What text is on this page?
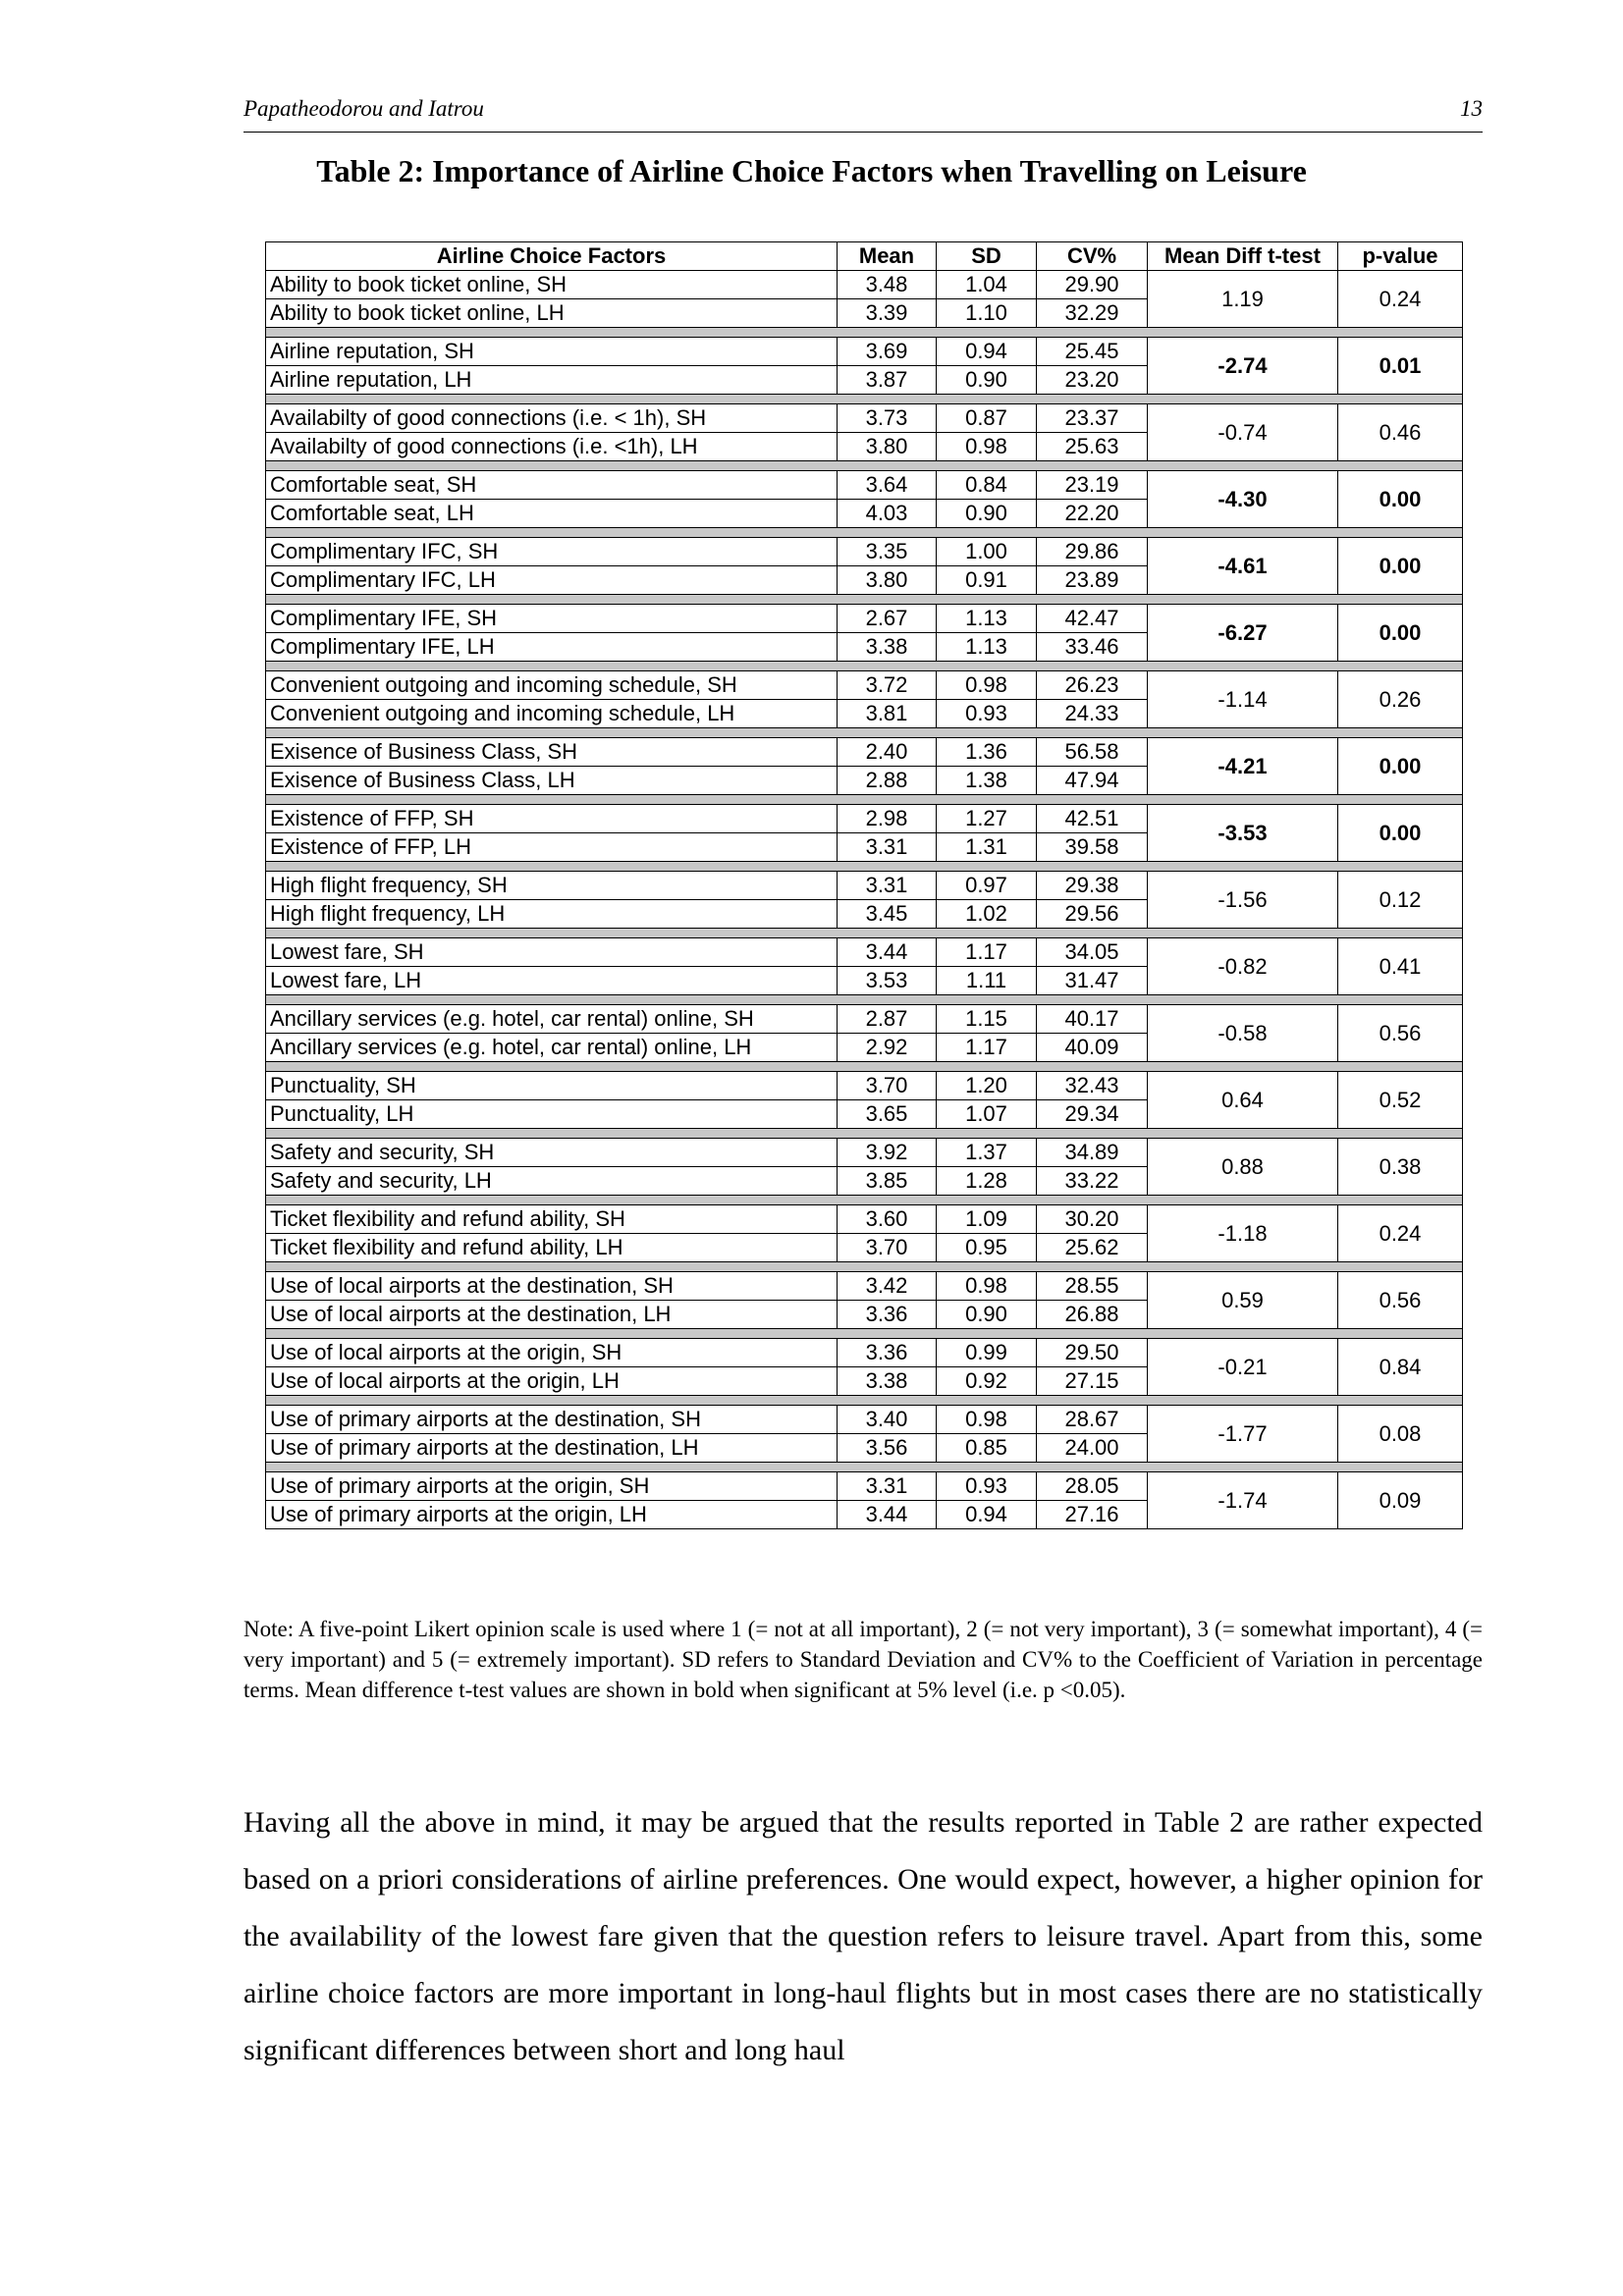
Papatheodorou and Iatrou	13
Table 2: Importance of Airline Choice Factors when Travelling on Leisure
Airline Choice Factors	Mean	SD	CV%	Mean Diff t-test	p-value
Ability to book ticket online, SH	3.48	1.04	29.90	1.19	0.24
Ability to book ticket online, LH	3.39	1.10	32.29		

Airline reputation, SH	3.69	0.94	25.45	-2.74	0.01
Airline reputation, LH	3.87	0.90	23.20		

Availabilty of good connections (i.e. < 1h), SH	3.73	0.87	23.37	-0.74	0.46
Availabilty of good connections (i.e. <1h), LH	3.80	0.98	25.63		

Comfortable seat, SH	3.64	0.84	23.19	-4.30	0.00
Comfortable seat, LH	4.03	0.90	22.20		

Complimentary IFC, SH	3.35	1.00	29.86	-4.61	0.00
Complimentary IFC, LH	3.80	0.91	23.89		

Complimentary IFE, SH	2.67	1.13	42.47	-6.27	0.00
Complimentary IFE, LH	3.38	1.13	33.46		

Convenient outgoing and incoming schedule, SH	3.72	0.98	26.23	-1.14	0.26
Convenient outgoing and incoming schedule, LH	3.81	0.93	24.33		

Exisence of Business Class, SH	2.40	1.36	56.58	-4.21	0.00
Exisence of Business Class, LH	2.88	1.38	47.94		

Existence of FFP, SH	2.98	1.27	42.51	-3.53	0.00
Existence of FFP, LH	3.31	1.31	39.58		

High flight frequency, SH	3.31	0.97	29.38	-1.56	0.12
High flight frequency, LH	3.45	1.02	29.56		

Lowest fare, SH	3.44	1.17	34.05	-0.82	0.41
Lowest fare, LH	3.53	1.11	31.47		

Ancillary services (e.g. hotel, car rental) online, SH	2.87	1.15	40.17	-0.58	0.56
Ancillary services (e.g. hotel, car rental) online, LH	2.92	1.17	40.09		

Punctuality, SH	3.70	1.20	32.43	0.64	0.52
Punctuality, LH	3.65	1.07	29.34		

Safety and security, SH	3.92	1.37	34.89	0.88	0.38
Safety and security, LH	3.85	1.28	33.22		

Ticket flexibility and refund ability, SH	3.60	1.09	30.20	-1.18	0.24
Ticket flexibility and refund ability, LH	3.70	0.95	25.62		

Use of local airports at the destination, SH	3.42	0.98	28.55	0.59	0.56
Use of local airports at the destination, LH	3.36	0.90	26.88		

Use of local airports at the origin, SH	3.36	0.99	29.50	-0.21	0.84
Use of local airports at the origin, LH	3.38	0.92	27.15		

Use of primary airports at the destination, SH	3.40	0.98	28.67	-1.77	0.08
Use of primary airports at the destination, LH	3.56	0.85	24.00		

Use of primary airports at the origin, SH	3.31	0.93	28.05	-1.74	0.09
Use of primary airports at the origin, LH	3.44	0.94	27.16		
Note: A five-point Likert opinion scale is used where 1 (= not at all important), 2 (= not very important), 3 (= somewhat important), 4 (= very important) and 5 (= extremely important). SD refers to Standard Deviation and CV% to the Coefficient of Variation in percentage terms. Mean difference t-test values are shown in bold when significant at 5% level (i.e. p <0.05).
Having all the above in mind, it may be argued that the results reported in Table 2 are rather expected based on a priori considerations of airline preferences. One would expect, however, a higher opinion for the availability of the lowest fare given that the question refers to leisure travel. Apart from this, some airline choice factors are more important in long-haul flights but in most cases there are no statistically significant differences between short and long haul
